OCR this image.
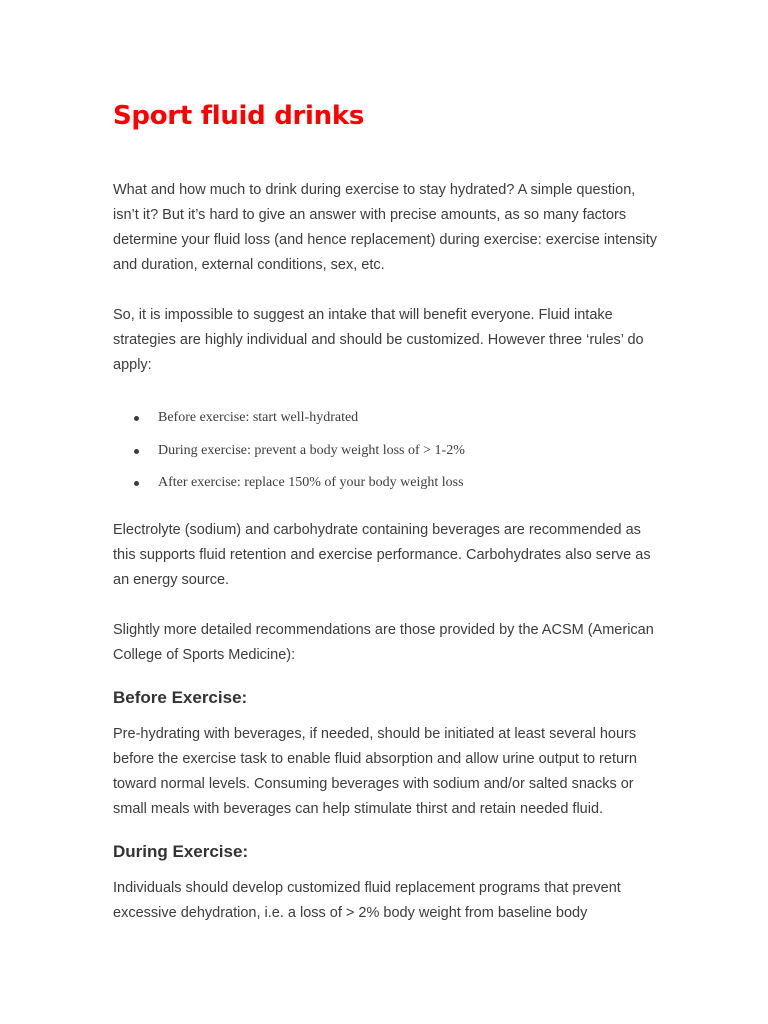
Sport fluid drinks

What and how much to drink during exercise to stay hydrated? A simple question, isn’t it? But it’s hard to give an answer with precise amounts, as so many factors determine your fluid loss (and hence replacement) during exercise: exercise intensity and duration, external conditions, sex, etc.

So, it is impossible to suggest an intake that will benefit everyone. Fluid intake strategies are highly individual and should be customized. However three ‘rules’ do apply:

Before exercise: start well-hydrated
During exercise: prevent a body weight loss of > 1-2%
After exercise: replace 150% of your body weight loss

Electrolyte (sodium) and carbohydrate containing beverages are recommended as this supports fluid retention and exercise performance. Carbohydrates also serve as an energy source.

Slightly more detailed recommendations are those provided by the ACSM (American College of Sports Medicine):

Before Exercise:

Pre-hydrating with beverages, if needed, should be initiated at least several hours before the exercise task to enable fluid absorption and allow urine output to return toward normal levels. Consuming beverages with sodium and/or salted snacks or small meals with beverages can help stimulate thirst and retain needed fluid.

During Exercise:

Individuals should develop customized fluid replacement programs that prevent excessive dehydration, i.e. a loss of > 2% body weight from baseline body
